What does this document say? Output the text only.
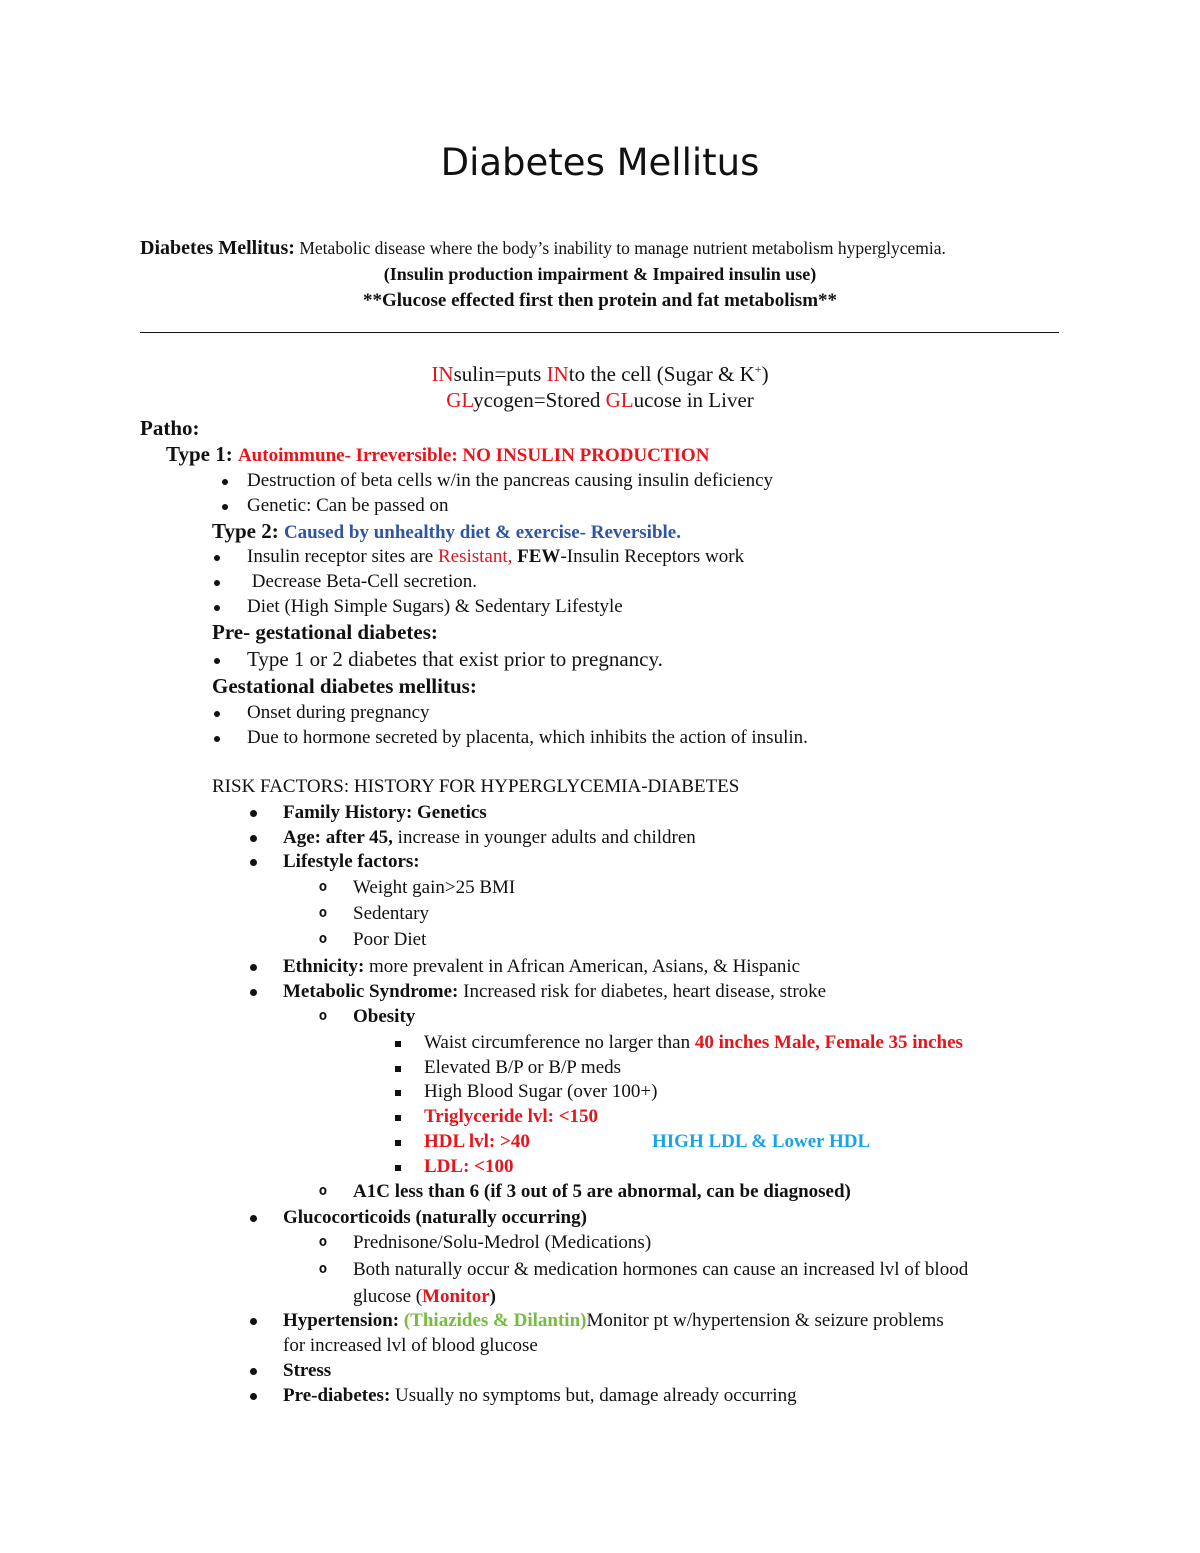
Diabetes Mellitus
Diabetes Mellitus: Metabolic disease where the body’s inability to manage nutrient metabolism hyperglycemia.
(Insulin production impairment & Impaired insulin use)
**Glucose effected first then protein and fat metabolism**
INsulin=puts INto the cell (Sugar & K+)
GLycogen=Stored GLucose in Liver
Patho:
Type 1: Autoimmune- Irreversible: NO INSULIN PRODUCTION
Destruction of beta cells w/in the pancreas causing insulin deficiency
Genetic: Can be passed on
Type 2: Caused by unhealthy diet & exercise- Reversible.
Insulin receptor sites are Resistant, FEW-Insulin Receptors work
Decrease Beta-Cell secretion.
Diet (High Simple Sugars) & Sedentary Lifestyle
Pre- gestational diabetes:
Type 1 or 2 diabetes that exist prior to pregnancy.
Gestational diabetes mellitus:
Onset during pregnancy
Due to hormone secreted by placenta, which inhibits the action of insulin.
RISK FACTORS: HISTORY FOR HYPERGLYCEMIA-DIABETES
Family History: Genetics
Age: after 45, increase in younger adults and children
Lifestyle factors:
o Weight gain>25 BMI
o Sedentary
o Poor Diet
Ethnicity: more prevalent in African American, Asians, & Hispanic
Metabolic Syndrome: Increased risk for diabetes, heart disease, stroke
o Obesity
Waist circumference no larger than 40 inches Male, Female 35 inches
Elevated B/P or B/P meds
High Blood Sugar (over 100+)
Triglyceride lvl: <150
HDL lvl: >40	HIGH LDL & Lower HDL
LDL: <100
o A1C less than 6 (if 3 out of 5 are abnormal, can be diagnosed)
Glucocorticoids (naturally occurring)
o Prednisone/Solu-Medrol (Medications)
o Both naturally occur & medication hormones can cause an increased lvl of blood
glucose (Monitor)
Hypertension: (Thiazides & Dilantin)Monitor pt w/hypertension & seizure problems
for increased lvl of blood glucose
Stress
Pre-diabetes: Usually no symptoms but, damage already occurring
